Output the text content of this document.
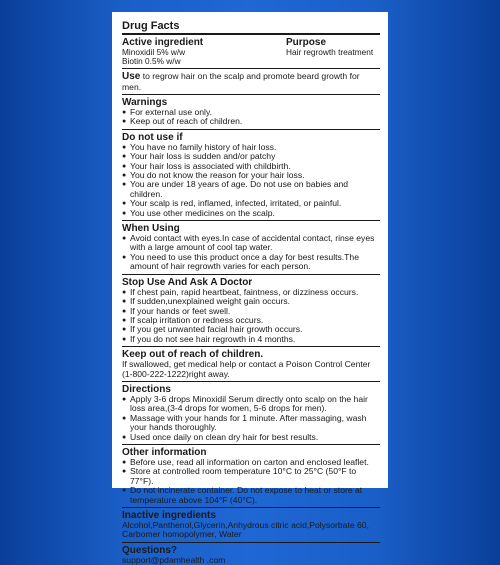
Drug Facts
Active ingredient
Minoxidil 5% w/w
Biotin 0.5% w/w
Purpose
Hair regrowth treatment
Use to regrow hair on the scalp and promote beard growth for men.
Warnings
● For external use only.
● Keep out of reach of children.
Do not use if
● You have no family history of hair loss.
● Your hair loss is sudden and/or patchy
● Your hair loss is associated with childbirth.
● You do not know the reason for your hair loss.
● You are under 18 years of age. Do not use on babies and children.
● Your scalp is red, inflamed, infected, irritated, or painful.
● You use other medicines on the scalp.
When Using
● Avoid contact with eyes.In case of accidental contact, rinse eyes with a large amount of cool tap water.
● You need to use this product once a day for best results.The amount of hair regrowth varies for each person.
Stop Use And Ask A Doctor
● If chest pain, rapid heartbeat, faintness, or dizziness occurs.
● If sudden,unexplained weight gain occurs.
● If your hands or feet swell.
● If scalp irritation or redness occurs.
● If you get unwanted facial hair growth occurs.
● If you do not see hair regrowth in 4 months.
Keep out of reach of children.

If swallowed, get medical help or contact a Poison Control Center (1-800-222-1222)right away.

Directions
● Apply 3-6 drops Minoxidil Serum directly onto scalp on the hair loss area,(3-4 drops for women, 5-6 drops for men).
● Massage with your hands for 1 minute. After massaging, wash your hands thoroughly.
● Used once daily on clean dry hair for best results.
Other information
● Before use, read all information on carton and enclosed leaflet.
● Store at controlled room temperature 10°C to 25°C (50°F to 77°F).
● Do not incinerate container. Do not expose to heat or store at temperature above 104°F (40°C).
Inactive ingredients

Alcohol,Panthenol,Glycerin,Anhydrous citric acid,Polysorbate 60, Carbomer homopolymer, Water

Questions?

support@pdamhealth .com
